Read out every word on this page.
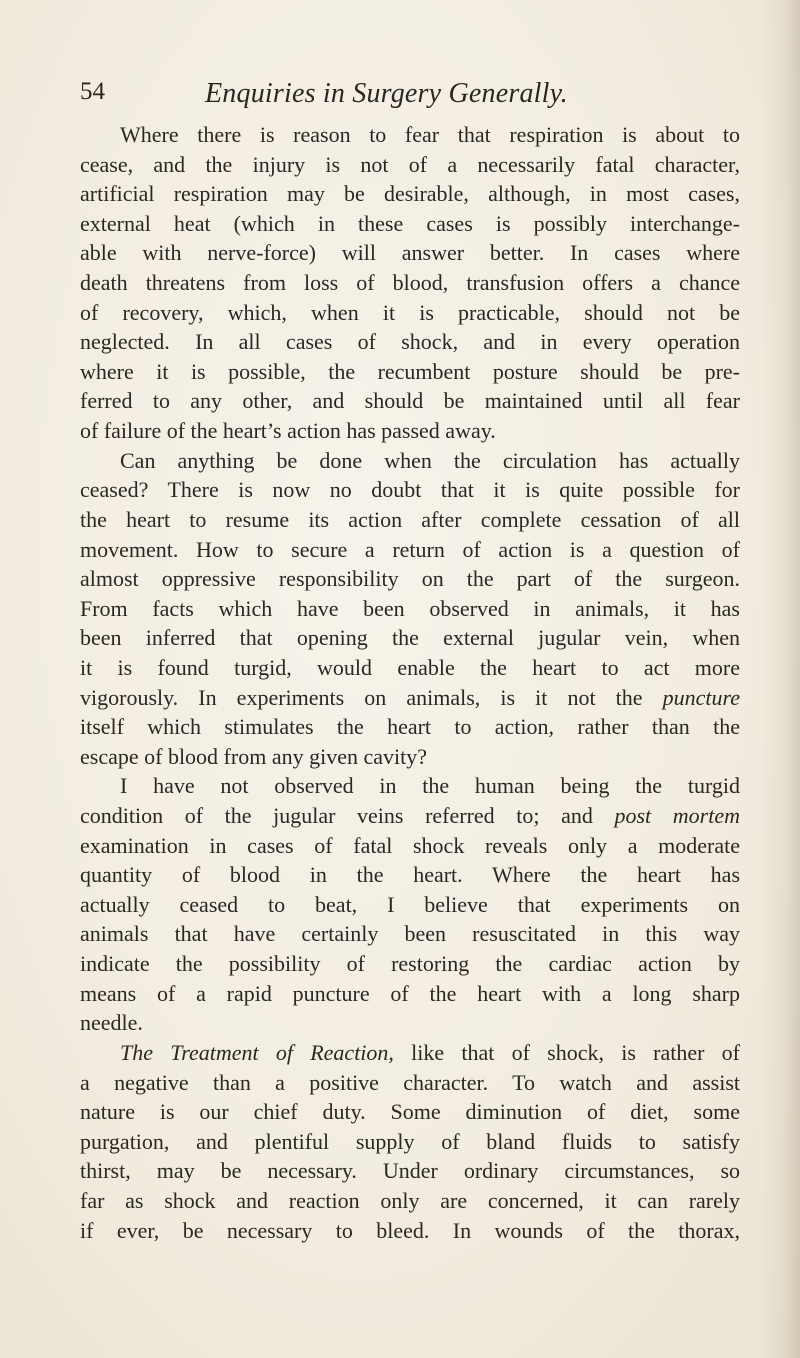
54	Enquiries in Surgery Generally.
Where there is reason to fear that respiration is about to
cease, and the injury is not of a necessarily fatal character,
artificial respiration may be desirable, although, in most cases,
external heat (which in these cases is possibly interchange-
able with nerve-force) will answer better. In cases where
death threatens from loss of blood, transfusion offers a chance
of recovery, which, when it is practicable, should not be
neglected. In all cases of shock, and in every operation
where it is possible, the recumbent posture should be pre-
ferred to any other, and should be maintained until all fear
of failure of the heart’s action has passed away.
Can anything be done when the circulation has actually
ceased? There is now no doubt that it is quite possible for
the heart to resume its action after complete cessation of all
movement. How to secure a return of action is a question of
almost oppressive responsibility on the part of the surgeon.
From facts which have been observed in animals, it has
been inferred that opening the external jugular vein, when
it is found turgid, would enable the heart to act more
vigorously. In experiments on animals, is it not the puncture
itself which stimulates the heart to action, rather than the
escape of blood from any given cavity?
I have not observed in the human being the turgid
condition of the jugular veins referred to; and post mortem
examination in cases of fatal shock reveals only a moderate
quantity of blood in the heart. Where the heart has
actually ceased to beat, I believe that experiments on
animals that have certainly been resuscitated in this way
indicate the possibility of restoring the cardiac action by
means of a rapid puncture of the heart with a long sharp
needle.
The Treatment of Reaction, like that of shock, is rather of
a negative than a positive character. To watch and assist
nature is our chief duty. Some diminution of diet, some
purgation, and plentiful supply of bland fluids to satisfy
thirst, may be necessary. Under ordinary circumstances, so
far as shock and reaction only are concerned, it can rarely
if ever, be necessary to bleed. In wounds of the thorax,
